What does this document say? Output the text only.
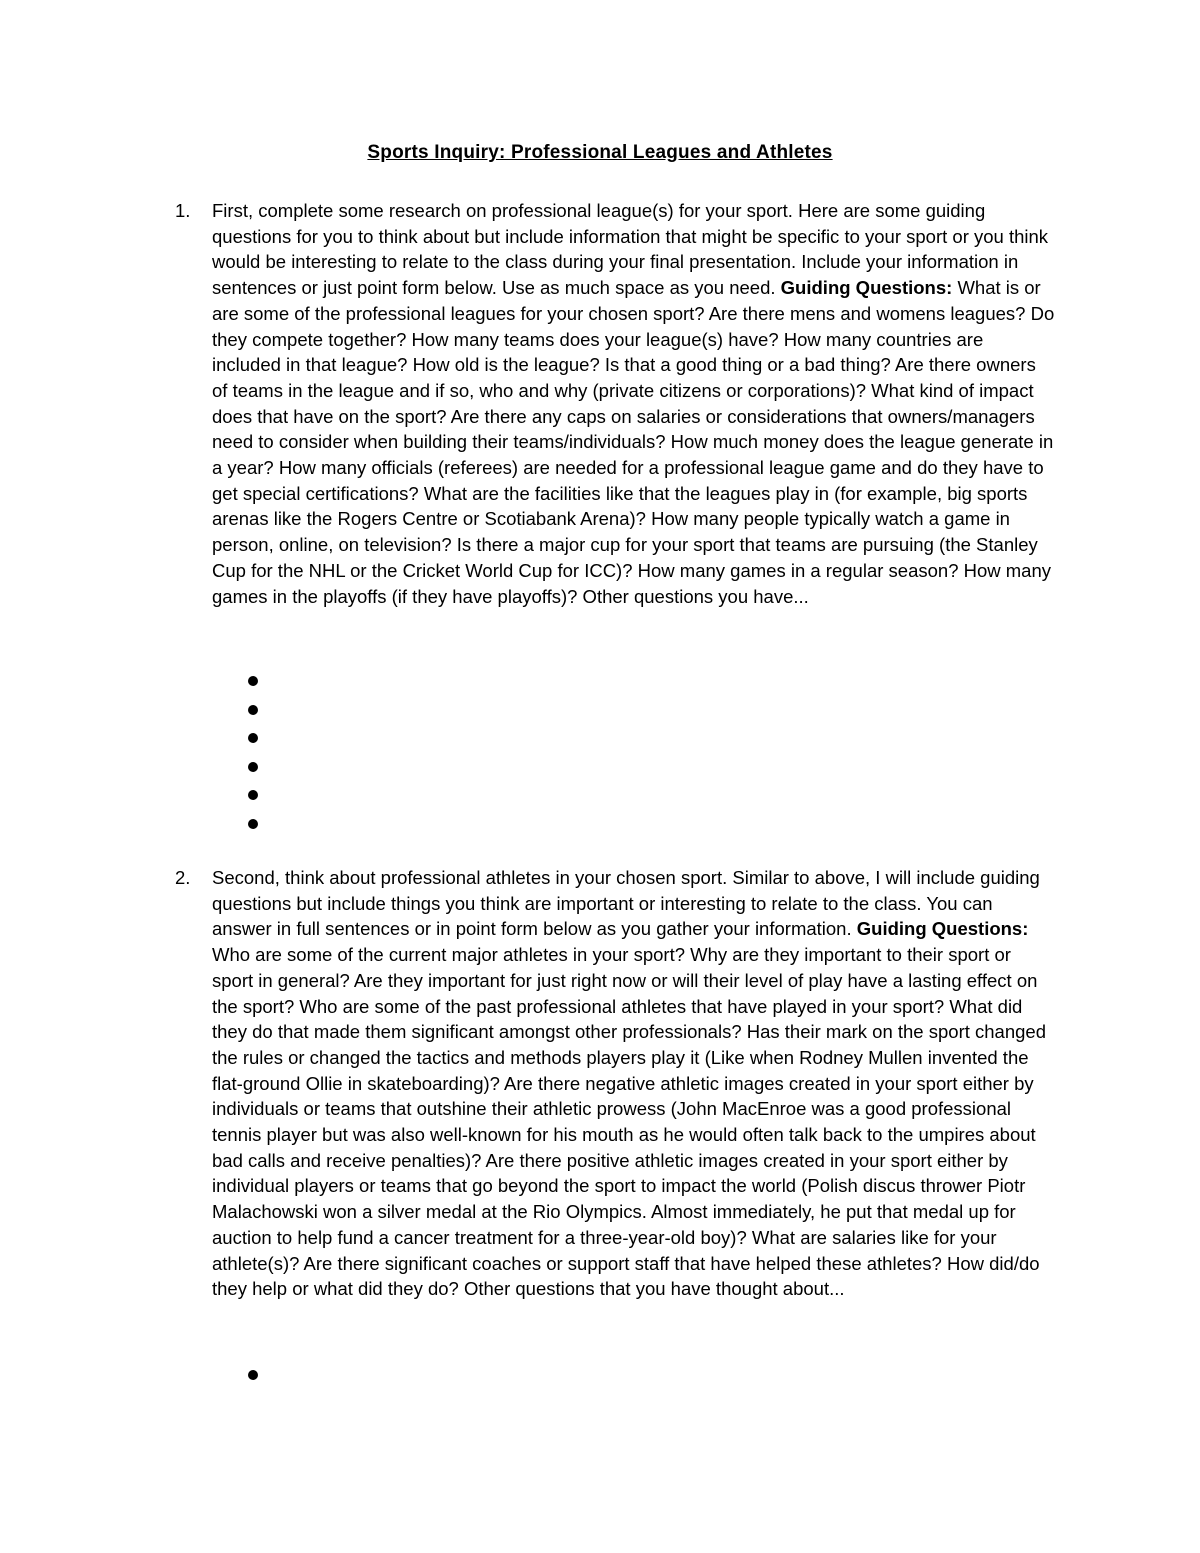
Sports Inquiry: Professional Leagues and Athletes
1.	First, complete some research on professional league(s) for your sport. Here are some guiding questions for you to think about but include information that might be specific to your sport or you think would be interesting to relate to the class during your final presentation. Include your information in sentences or just point form below. Use as much space as you need. Guiding Questions: What is or are some of the professional leagues for your chosen sport? Are there mens and womens leagues? Do they compete together? How many teams does your league(s) have? How many countries are included in that league? How old is the league? Is that a good thing or a bad thing? Are there owners of teams in the league and if so, who and why (private citizens or corporations)? What kind of impact does that have on the sport? Are there any caps on salaries or considerations that owners/managers need to consider when building their teams/individuals? How much money does the league generate in a year? How many officials (referees) are needed for a professional league game and do they have to get special certifications? What are the facilities like that the leagues play in (for example, big sports arenas like the Rogers Centre or Scotiabank Arena)? How many people typically watch a game in person, online, on television? Is there a major cup for your sport that teams are pursuing (the Stanley Cup for the NHL or the Cricket World Cup for ICC)? How many games in a regular season? How many games in the playoffs (if they have playoffs)? Other questions you have...
2.	Second, think about professional athletes in your chosen sport. Similar to above, I will include guiding questions but include things you think are important or interesting to relate to the class. You can answer in full sentences or in point form below as you gather your information. Guiding Questions: Who are some of the current major athletes in your sport? Why are they important to their sport or sport in general? Are they important for just right now or will their level of play have a lasting effect on the sport? Who are some of the past professional athletes that have played in your sport? What did they do that made them significant amongst other professionals? Has their mark on the sport changed the rules or changed the tactics and methods players play it (Like when Rodney Mullen invented the flat-ground Ollie in skateboarding)? Are there negative athletic images created in your sport either by individuals or teams that outshine their athletic prowess (John MacEnroe was a good professional tennis player but was also well-known for his mouth as he would often talk back to the umpires about bad calls and receive penalties)? Are there positive athletic images created in your sport either by individual players or teams that go beyond the sport to impact the world (Polish discus thrower Piotr Malachowski won a silver medal at the Rio Olympics. Almost immediately, he put that medal up for auction to help fund a cancer treatment for a three-year-old boy)? What are salaries like for your athlete(s)? Are there significant coaches or support staff that have helped these athletes? How did/do they help or what did they do? Other questions that you have thought about...
